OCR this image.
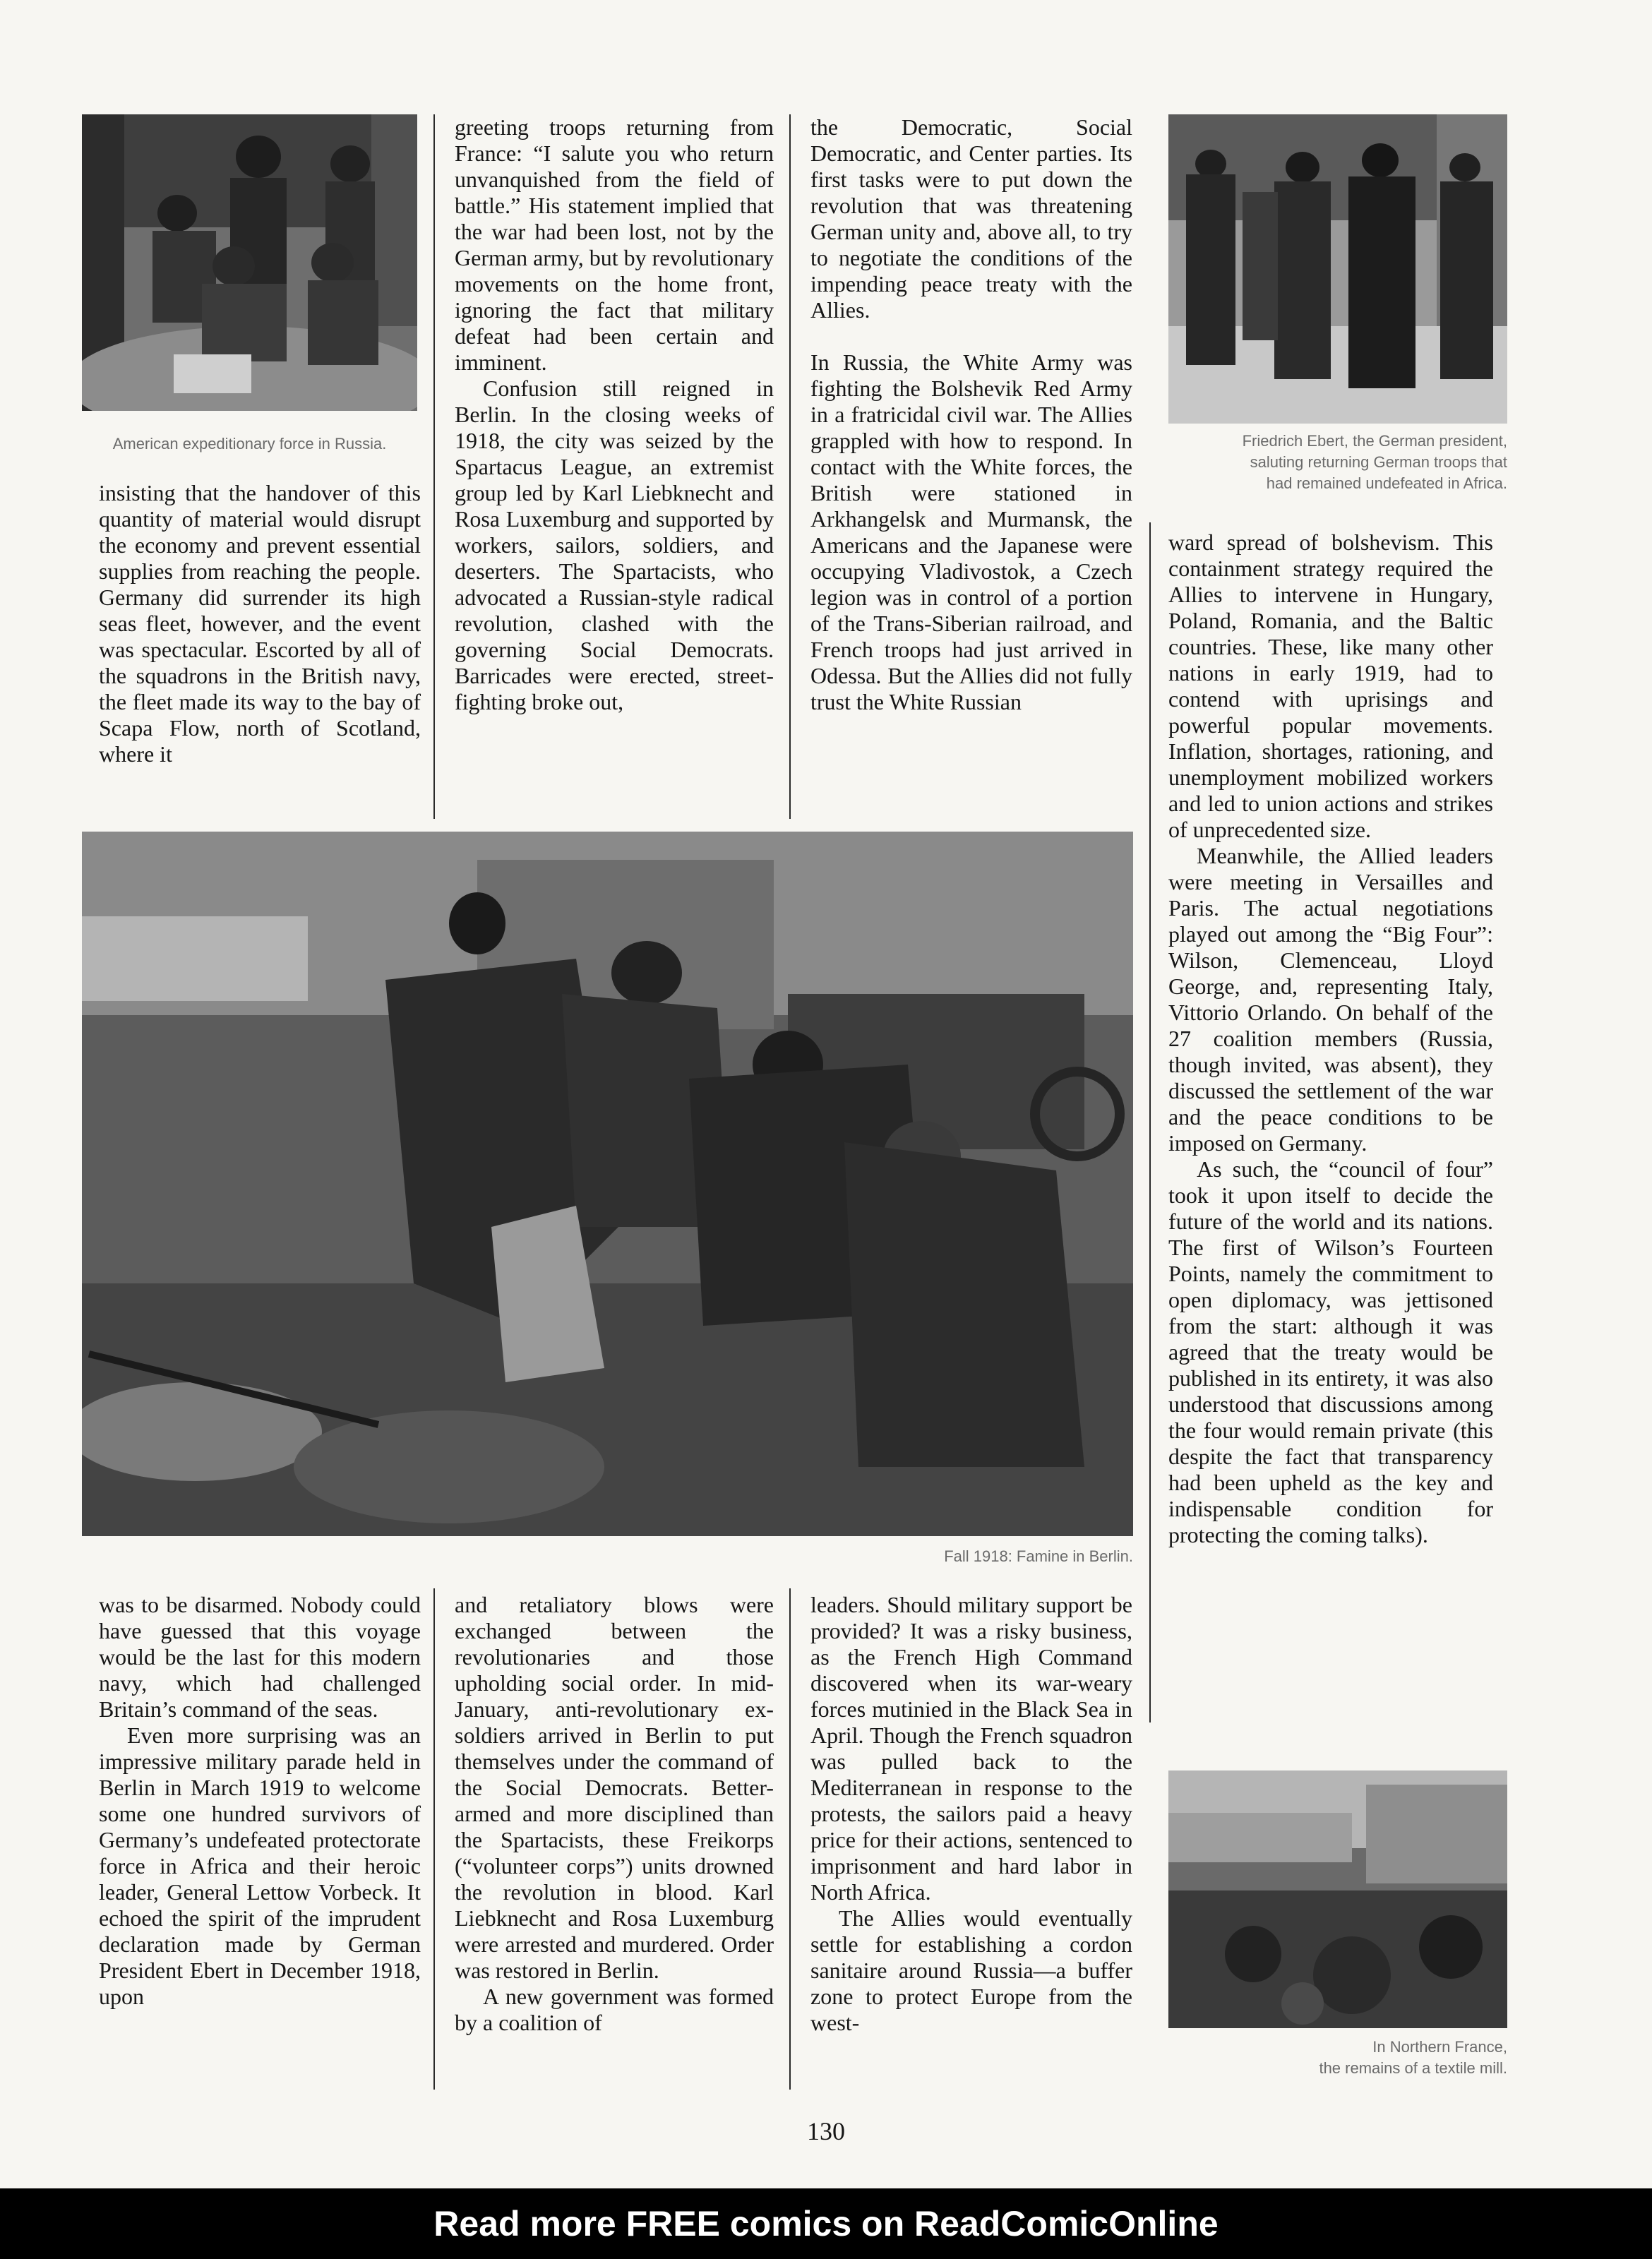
American expeditionary force in Russia.	Friedrich Ebert, the German president,
saluting returning German troops that
had remained undefeated in Africa.
Fall 1918: Famine in Berlin.
In Northern France,
the remains of a textile mill.

insisting that the handover of this quantity of material would disrupt the economy and prevent essential supplies from reaching the people. Germany did surrender its high seas fleet, however, and the event was spectacular. Escorted by all of the squadrons in the British navy, the fleet made its way to the bay of Scapa Flow, north of Scotland, where it

greeting troops returning from France: “I salute you who return unvanquished from the field of battle.” His statement implied that the war had been lost, not by the German army, but by revolutionary movements on the home front, ignoring the fact that military defeat had been certain and imminent.

Confusion still reigned in Berlin. In the closing weeks of 1918, the city was seized by the Spartacus League, an extremist group led by Karl Liebknecht and Rosa Luxemburg and supported by workers, sailors, soldiers, and deserters. The Spartacists, who advocated a Russian-style radical revolution, clashed with the governing Social Democrats. Barricades were erected, street-fighting broke out,

the Democratic, Social Democratic, and Center parties. Its first tasks were to put down the revolution that was threatening German unity and, above all, to try to negotiate the conditions of the impending peace treaty with the Allies.

In Russia, the White Army was fighting the Bolshevik Red Army in a fratricidal civil war. The Allies grappled with how to respond. In contact with the White forces, the British were stationed in Arkhangelsk and Murmansk, the Americans and the Japanese were occupying Vladivostok, a Czech legion was in control of a portion of the Trans-Siberian railroad, and French troops had just arrived in Odessa. But the Allies did not fully trust the White Russian

ward spread of bolshevism. This containment strategy required the Allies to intervene in Hungary, Poland, Romania, and the Baltic countries. These, like many other nations in early 1919, had to contend with uprisings and powerful popular movements. Inflation, shortages, rationing, and unemployment mobilized workers and led to union actions and strikes of unprecedented size.

Meanwhile, the Allied leaders were meeting in Versailles and Paris. The actual negotiations played out among the “Big Four”: Wilson, Clemenceau, Lloyd George, and, representing Italy, Vittorio Orlando. On behalf of the 27 coalition members (Russia, though invited, was absent), they discussed the settlement of the war and the peace conditions to be imposed on Germany.

As such, the “council of four” took it upon itself to decide the future of the world and its nations. The first of Wilson’s Fourteen Points, namely the commitment to open diplomacy, was jettisoned from the start: although it was agreed that the treaty would be published in its entirety, it was also understood that discussions among the four would remain private (this despite the fact that transparency had been upheld as the key and indispensable condition for protecting the coming talks).

was to be disarmed. Nobody could have guessed that this voyage would be the last for this modern navy, which had challenged Britain’s command of the seas.

Even more surprising was an impressive military parade held in Berlin in March 1919 to welcome some one hundred survivors of Germany’s undefeated protectorate force in Africa and their heroic leader, General Lettow Vorbeck. It echoed the spirit of the imprudent declaration made by German President Ebert in December 1918, upon

and retaliatory blows were exchanged between the revolutionaries and those upholding social order. In mid-January, anti-revolutionary ex-soldiers arrived in Berlin to put themselves under the command of the Social Democrats. Better-armed and more disciplined than the Spartacists, these Freikorps (“volunteer corps”) units drowned the revolution in blood. Karl Liebknecht and Rosa Luxemburg were arrested and murdered. Order was restored in Berlin.

A new government was formed by a coalition of

leaders. Should military support be provided? It was a risky business, as the French High Command discovered when its war-weary forces mutinied in the Black Sea in April. Though the French squadron was pulled back to the Mediterranean in response to the protests, the sailors paid a heavy price for their actions, sentenced to imprisonment and hard labor in North Africa.

The Allies would eventually settle for establishing a cordon sanitaire around Russia—a buffer zone to protect Europe from the west-

130
Read more FREE comics on ReadComicOnline
